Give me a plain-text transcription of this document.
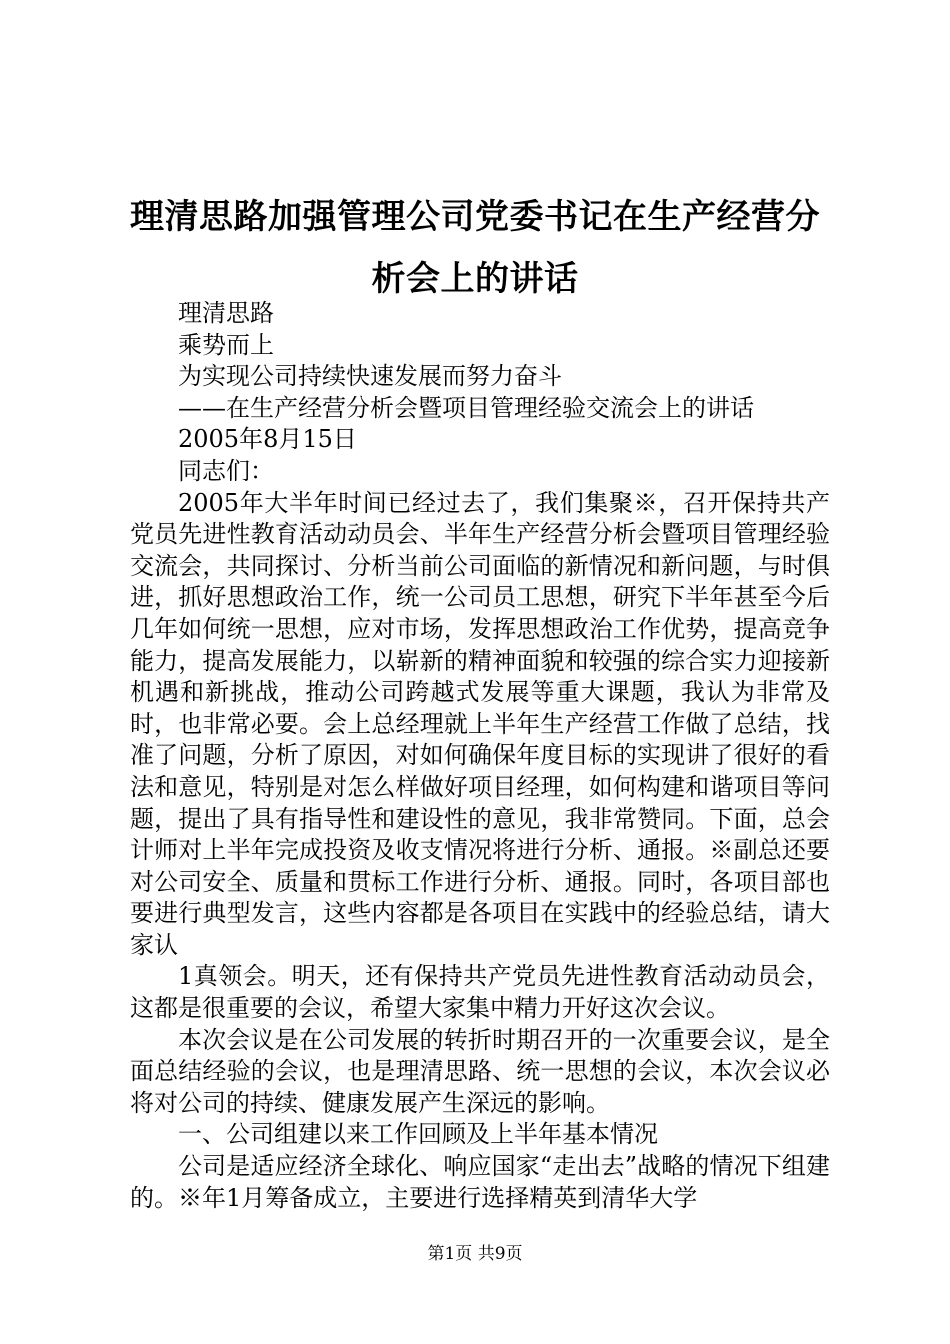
理清思路加强管理公司党委书记在生产经营分析会上的讲话

理清思路

乘势而上

为实现公司持续快速发展而努力奋斗

——在生产经营分析会暨项目管理经验交流会上的讲话

2005年8月15日

同志们：

2005年大半年时间已经过去了，我们集聚※，召开保持共产党员先进性教育活动动员会、半年生产经营分析会暨项目管理经验交流会，共同探讨、分析当前公司面临的新情况和新问题，与时俱进，抓好思想政治工作，统一公司员工思想，研究下半年甚至今后几年如何统一思想，应对市场，发挥思想政治工作优势，提高竞争能力，提高发展能力，以崭新的精神面貌和较强的综合实力迎接新机遇和新挑战，推动公司跨越式发展等重大课题，我认为非常及时，也非常必要。会上总经理就上半年生产经营工作做了总结，找准了问题，分析了原因，对如何确保年度目标的实现讲了很好的看法和意见，特别是对怎么样做好项目经理，如何构建和谐项目等问题，提出了具有指导性和建设性的意见，我非常赞同。下面，总会计师对上半年完成投资及收支情况将进行分析、通报。※副总还要对公司安全、质量和贯标工作进行分析、通报。同时，各项目部也要进行典型发言，这些内容都是各项目在实践中的经验总结，请大家认

1真领会。明天，还有保持共产党员先进性教育活动动员会，这都是很重要的会议，希望大家集中精力开好这次会议。

本次会议是在公司发展的转折时期召开的一次重要会议，是全面总结经验的会议，也是理清思路、统一思想的会议，本次会议必将对公司的持续、健康发展产生深远的影响。

一、公司组建以来工作回顾及上半年基本情况

公司是适应经济全球化、响应国家“走出去”战略的情况下组建的。※年1月筹备成立，主要进行选择精英到清华大学

第1页 共9页
